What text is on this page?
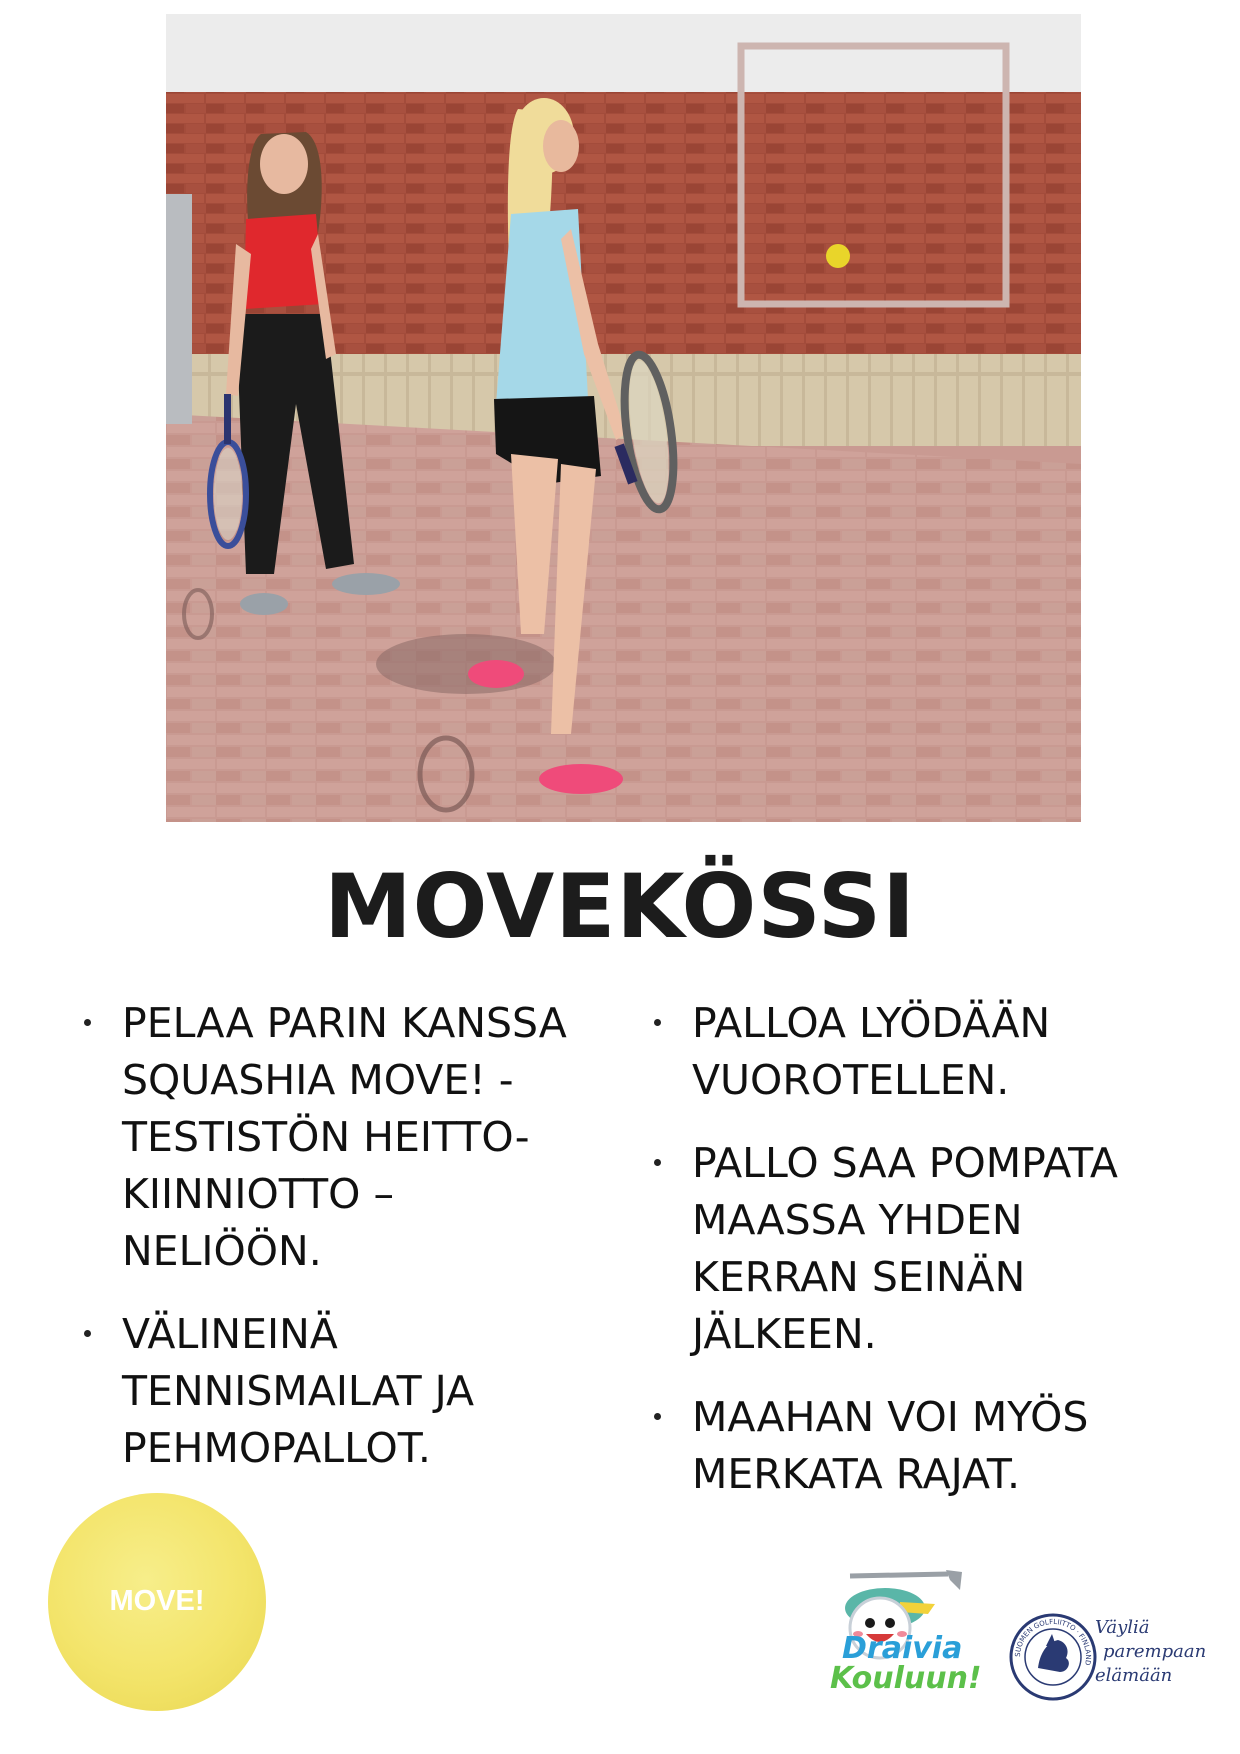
MOVEKÖSSI
PELAA PARIN KANSSA SQUASHIA MOVE! - TESTISTÖN HEITTO-KIINNIOTTO – NELIÖÖN.
VÄLINEINÄ TENNISMAILAT JA PEHMOPALLOT.
PALLOA LYÖDÄÄN VUOROTELLEN.
PALLO SAA POMPATA MAASSA YHDEN KERRAN SEINÄN JÄLKEEN.
MAAHAN VOI MYÖS MERKATA RAJAT.
MOVE!
Draivia
Kouluun!
SUOMEN GOLFLIITTO · FINLAND
Väyliä
parempaan
elämään
